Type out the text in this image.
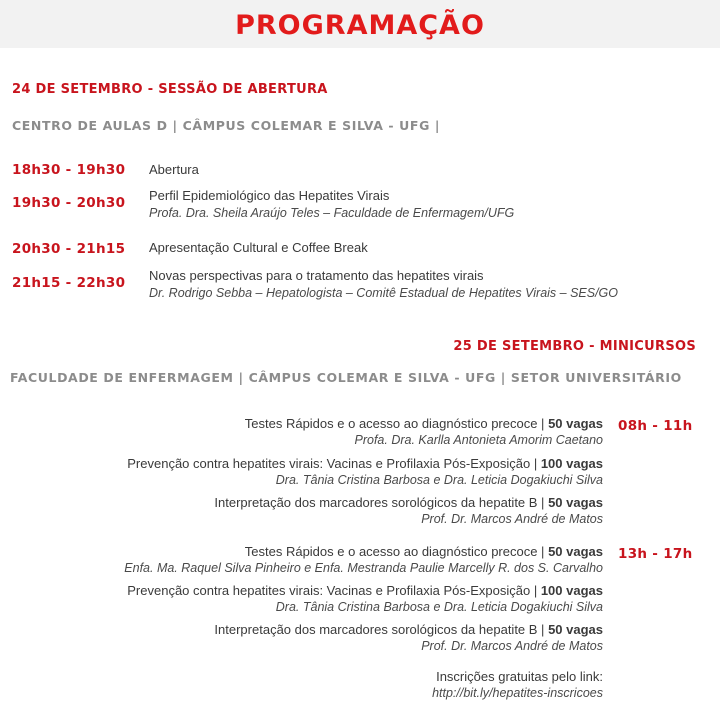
PROGRAMAÇÃO
24 DE SETEMBRO - SESSÃO DE ABERTURA
CENTRO DE AULAS D | CÂMPUS COLEMAR E SILVA - UFG |
18h30 - 19h30 Abertura
19h30 - 20h30 Perfil Epidemiológico das Hepatites Virais
Profa. Dra. Sheila Araújo Teles – Faculdade de Enfermagem/UFG
20h30 - 21h15 Apresentação Cultural e Coffee Break
21h15 - 22h30 Novas perspectivas para o tratamento das hepatites virais
Dr. Rodrigo Sebba – Hepatologista – Comitê Estadual de Hepatites Virais – SES/GO
25 DE SETEMBRO - MINICURSOS
FACULDADE DE ENFERMAGEM | CÂMPUS COLEMAR E SILVA - UFG | SETOR UNIVERSITÁRIO
08h - 11h
Testes Rápidos e o acesso ao diagnóstico precoce | 50 vagas
Profa. Dra. Karlla Antonieta Amorim Caetano
Prevenção contra hepatites virais: Vacinas e Profilaxia Pós-Exposição | 100 vagas
Dra. Tânia Cristina Barbosa e Dra. Leticia Dogakiuchi Silva
Interpretação dos marcadores sorológicos da hepatite B | 50 vagas
Prof. Dr. Marcos André de Matos
13h - 17h
Testes Rápidos e o acesso ao diagnóstico precoce | 50 vagas
Enfa. Ma. Raquel Silva Pinheiro e Enfa. Mestranda Paulie Marcelly R. dos S. Carvalho
Prevenção contra hepatites virais: Vacinas e Profilaxia Pós-Exposição | 100 vagas
Dra. Tânia Cristina Barbosa e Dra. Leticia Dogakiuchi Silva
Interpretação dos marcadores sorológicos da hepatite B | 50 vagas
Prof. Dr. Marcos André de Matos
Inscrições gratuitas pelo link:
http://bit.ly/hepatites-inscricoes
